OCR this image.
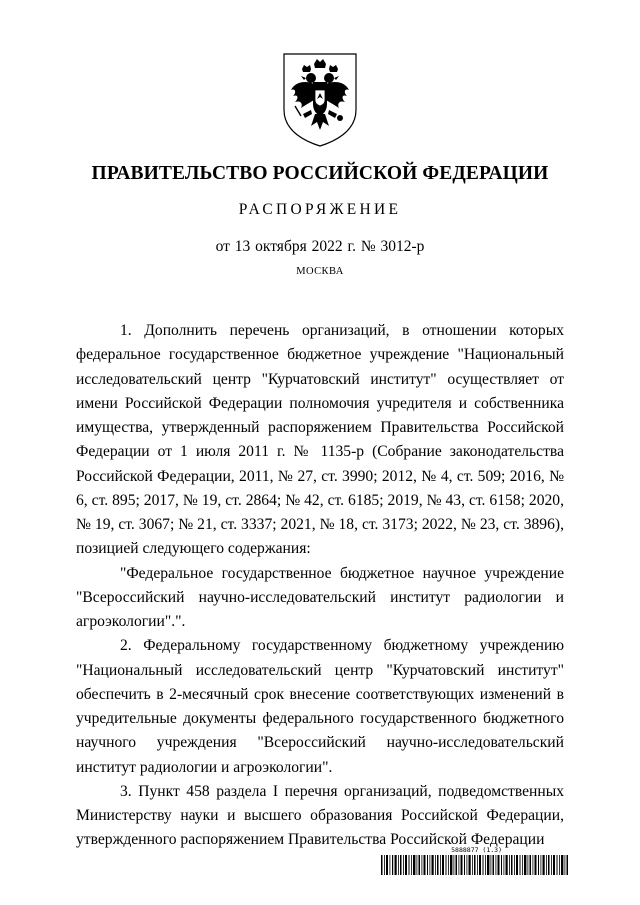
ПРАВИТЕЛЬСТВО РОССИЙСКОЙ ФЕДЕРАЦИИ
РАСПОРЯЖЕНИЕ
от 13 октября 2022 г. № 3012-р
МОСКВА

1. Дополнить перечень организаций, в отношении которых федеральное государственное бюджетное учреждение "Национальный исследовательский центр "Курчатовский институт" осуществляет от имени Российской Федерации полномочия учредителя и собственника имущества, утвержденный распоряжением Правительства Российской Федерации от 1 июля 2011 г. № 1135-р (Собрание законодательства Российской Федерации, 2011, № 27, ст. 3990; 2012, № 4, ст. 509; 2016, № 6, ст. 895; 2017, № 19, ст. 2864; № 42, ст. 6185; 2019, № 43, ст. 6158; 2020, № 19, ст. 3067; № 21, ст. 3337; 2021, № 18, ст. 3173; 2022, № 23, ст. 3896), позицией следующего содержания:

"Федеральное государственное бюджетное научное учреждение "Всероссийский научно-исследовательский институт радиологии и агроэкологии".".

2. Федеральному государственному бюджетному учреждению "Национальный исследовательский центр "Курчатовский институт" обеспечить в 2-месячный срок внесение соответствующих изменений в учредительные документы федерального государственного бюджетного научного учреждения "Всероссийский научно-исследовательский институт радиологии и агроэкологии".

3. Пункт 458 раздела I перечня организаций, подведомственных Министерству науки и высшего образования Российской Федерации, утвержденного распоряжением Правительства Российской Федерации

5888877 (1.3)
